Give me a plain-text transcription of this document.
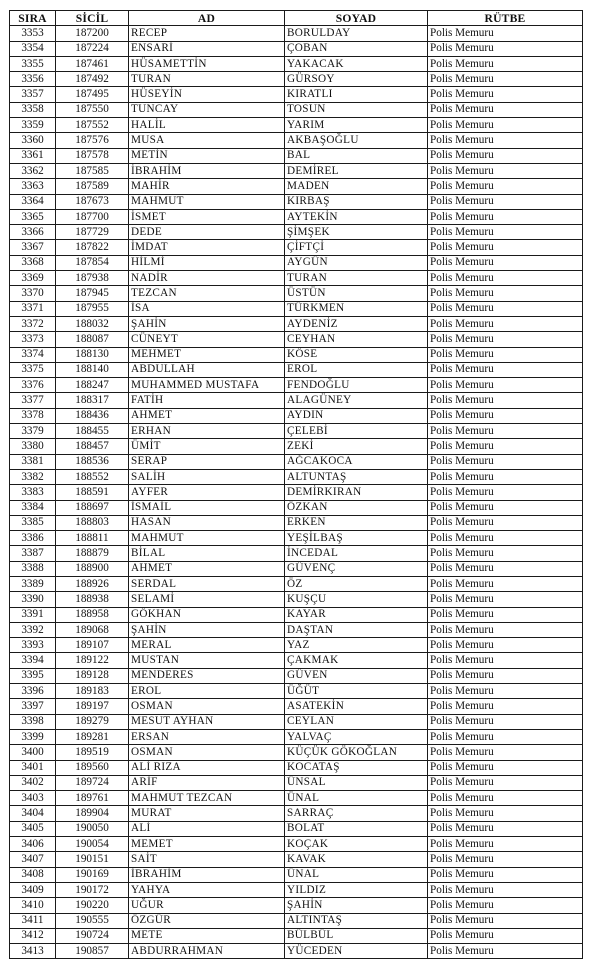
SIRA	SİCİL	AD	SOYAD	RÜTBE
3353	187200	RECEP	BORULDAY	Polis Memuru
3354	187224	ENSARİ	ÇOBAN	Polis Memuru
3355	187461	HÜSAMETTİN	YAKACAK	Polis Memuru
3356	187492	TURAN	GÜRSOY	Polis Memuru
3357	187495	HÜSEYİN	KIRATLI	Polis Memuru
3358	187550	TUNCAY	TOSUN	Polis Memuru
3359	187552	HALİL	YARIM	Polis Memuru
3360	187576	MUSA	AKBAŞOĞLU	Polis Memuru
3361	187578	METİN	BAL	Polis Memuru
3362	187585	İBRAHİM	DEMİREL	Polis Memuru
3363	187589	MAHİR	MADEN	Polis Memuru
3364	187673	MAHMUT	KIRBAŞ	Polis Memuru
3365	187700	İSMET	AYTEKİN	Polis Memuru
3366	187729	DEDE	ŞİMŞEK	Polis Memuru
3367	187822	İMDAT	ÇİFTÇİ	Polis Memuru
3368	187854	HİLMİ	AYGÜN	Polis Memuru
3369	187938	NADİR	TURAN	Polis Memuru
3370	187945	TEZCAN	ÜSTÜN	Polis Memuru
3371	187955	İSA	TÜRKMEN	Polis Memuru
3372	188032	ŞAHİN	AYDENİZ	Polis Memuru
3373	188087	CÜNEYT	CEYHAN	Polis Memuru
3374	188130	MEHMET	KÖSE	Polis Memuru
3375	188140	ABDULLAH	EROL	Polis Memuru
3376	188247	MUHAMMED MUSTAFA	FENDOĞLU	Polis Memuru
3377	188317	FATİH	ALAGÜNEY	Polis Memuru
3378	188436	AHMET	AYDIN	Polis Memuru
3379	188455	ERHAN	ÇELEBİ	Polis Memuru
3380	188457	ÜMİT	ZEKİ	Polis Memuru
3381	188536	SERAP	AĞCAKOCA	Polis Memuru
3382	188552	SALİH	ALTUNTAŞ	Polis Memuru
3383	188591	AYFER	DEMİRKIRAN	Polis Memuru
3384	188697	İSMAİL	ÖZKAN	Polis Memuru
3385	188803	HASAN	ERKEN	Polis Memuru
3386	188811	MAHMUT	YEŞİLBAŞ	Polis Memuru
3387	188879	BİLAL	İNCEDAL	Polis Memuru
3388	188900	AHMET	GÜVENÇ	Polis Memuru
3389	188926	SERDAL	ÖZ	Polis Memuru
3390	188938	SELAMİ	KUŞÇU	Polis Memuru
3391	188958	GÖKHAN	KAYAR	Polis Memuru
3392	189068	ŞAHİN	DAŞTAN	Polis Memuru
3393	189107	MERAL	YAZ	Polis Memuru
3394	189122	MUSTAN	ÇAKMAK	Polis Memuru
3395	189128	MENDERES	GÜVEN	Polis Memuru
3396	189183	EROL	ÜĞÜT	Polis Memuru
3397	189197	OSMAN	ASATEKİN	Polis Memuru
3398	189279	MESUT AYHAN	CEYLAN	Polis Memuru
3399	189281	ERSAN	YALVAÇ	Polis Memuru
3400	189519	OSMAN	KÜÇÜK GÖKOĞLAN	Polis Memuru
3401	189560	ALİ RIZA	KOCATAŞ	Polis Memuru
3402	189724	ARİF	ÜNSAL	Polis Memuru
3403	189761	MAHMUT TEZCAN	ÜNAL	Polis Memuru
3404	189904	MURAT	SARRAÇ	Polis Memuru
3405	190050	ALİ	BOLAT	Polis Memuru
3406	190054	MEMET	KOÇAK	Polis Memuru
3407	190151	SAİT	KAVAK	Polis Memuru
3408	190169	İBRAHİM	ÜNAL	Polis Memuru
3409	190172	YAHYA	YILDIZ	Polis Memuru
3410	190220	UĞUR	ŞAHİN	Polis Memuru
3411	190555	ÖZGÜR	ALTINTAŞ	Polis Memuru
3412	190724	METE	BÜLBÜL	Polis Memuru
3413	190857	ABDURRAHMAN	YÜCEDEN	Polis Memuru
